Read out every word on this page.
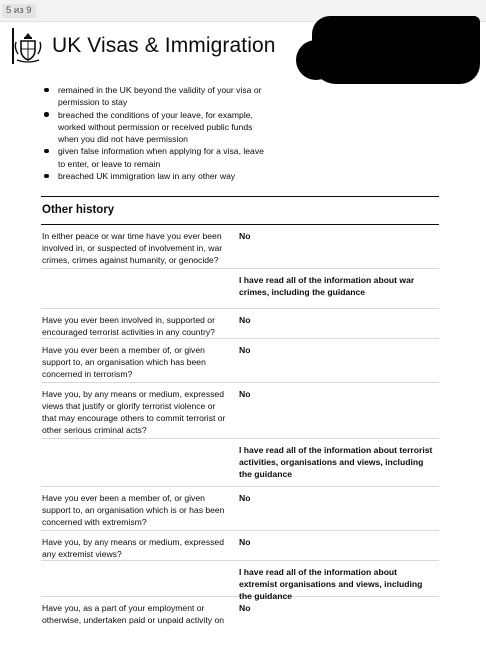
5 из 9
UK Visas & Immigration
remained in the UK beyond the validity of your visa or permission to stay
breached the conditions of your leave, for example, worked without permission or received public funds when you did not have permission
given false information when applying for a visa, leave to enter, or leave to remain
breached UK immigration law in any other way
Other history
In either peace or war time have you ever been involved in, or suspected of involvement in, war crimes, crimes against humanity, or genocide?
No
I have read all of the information about war crimes, including the guidance
Have you ever been involved in, supported or encouraged terrorist activities in any country?
No
Have you ever been a member of, or given support to, an organisation which has been concerned in terrorism?
No
Have you, by any means or medium, expressed views that justify or glorify terrorist violence or that may encourage others to commit terrorist or other serious criminal acts?
No
I have read all of the information about terrorist activities, organisations and views, including the guidance
Have you ever been a member of, or given support to, an organisation which is or has been concerned with extremism?
No
Have you, by any means or medium, expressed any extremist views?
No
I have read all of the information about extremist organisations and views, including the guidance
Have you, as a part of your employment or otherwise, undertaken paid or unpaid activity on
No
